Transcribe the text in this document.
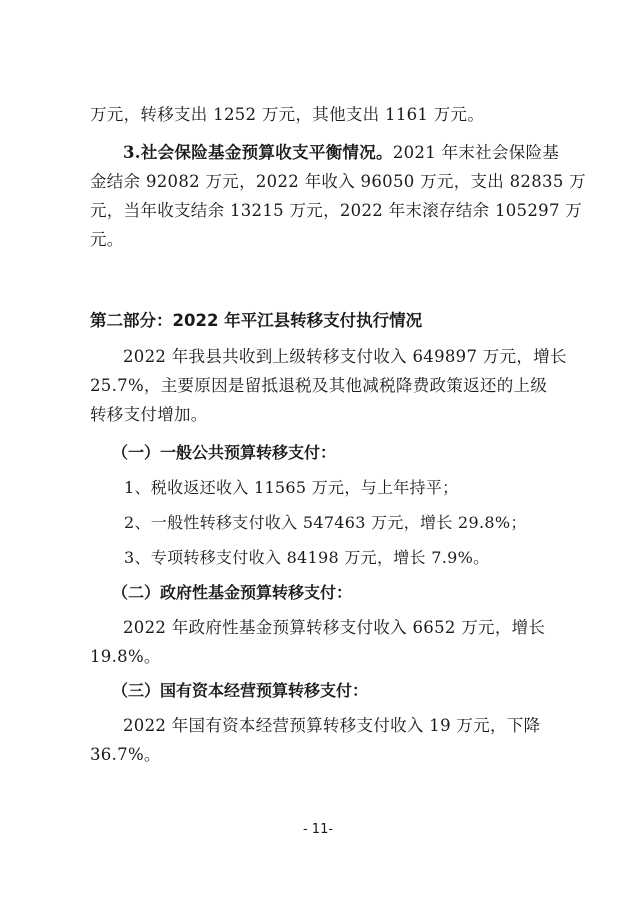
万元，转移支出 1252 万元，其他支出 1161 万元。

3.社会保险基金预算收支平衡情况。2021 年末社会保险基
金结余 92082 万元，2022 年收入 96050 万元，支出 82835 万
元，当年收支结余 13215 万元，2022 年末滚存结余 105297 万
元。

第二部分：2022 年平江县转移支付执行情况

2022 年我县共收到上级转移支付收入 649897 万元，增长
25.7%，主要原因是留抵退税及其他减税降费政策返还的上级
转移支付增加。

（一）一般公共预算转移支付：

1、税收返还收入 11565 万元，与上年持平；

2、一般性转移支付收入 547463 万元，增长 29.8%；

3、专项转移支付收入 84198 万元，增长 7.9%。

（二）政府性基金预算转移支付：

2022 年政府性基金预算转移支付收入 6652 万元，增长
19.8%。

（三）国有资本经营预算转移支付：

2022 年国有资本经营预算转移支付收入 19 万元，下降
36.7%。

- 11-
